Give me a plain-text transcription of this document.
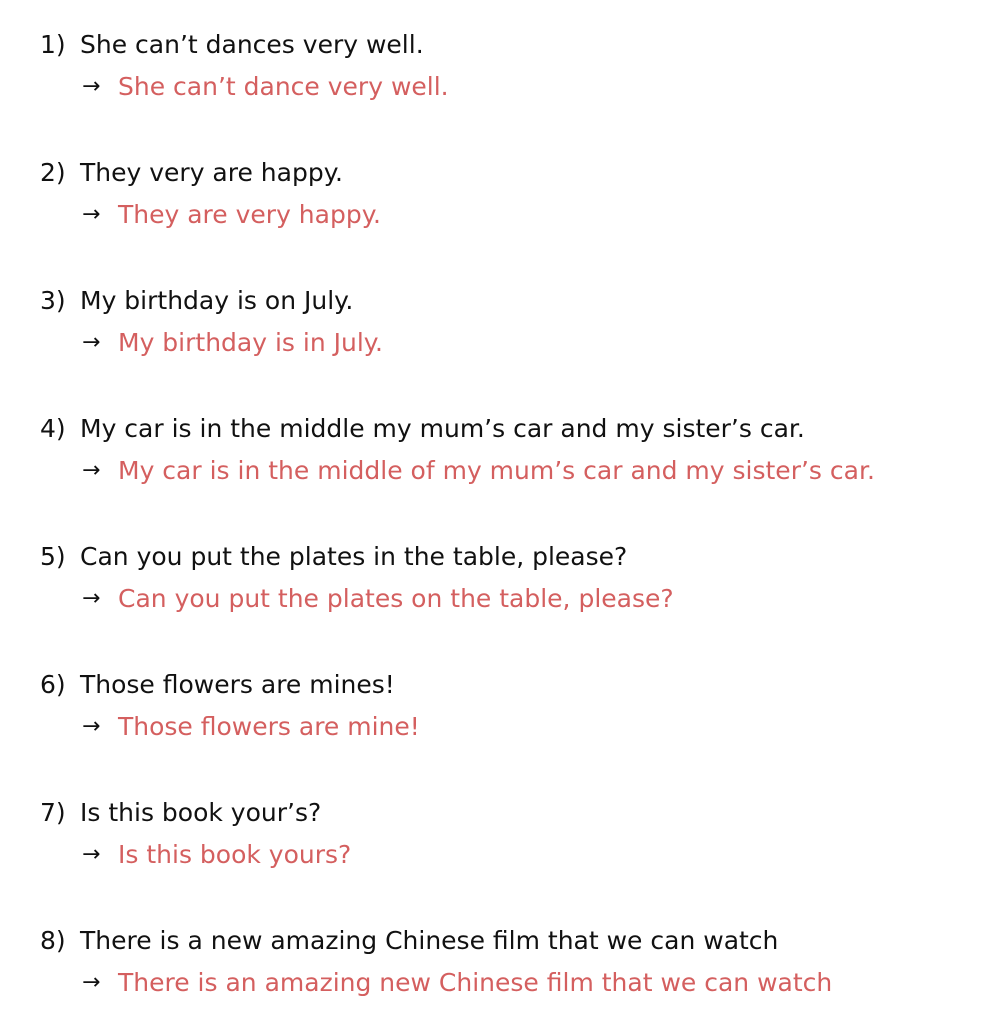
1) She can’t dances very well.
→ She can’t dance very well.
2) They very are happy.
→ They are very happy.
3) My birthday is on July.
→ My birthday is in July.
4) My car is in the middle my mum’s car and my sister’s car.
→ My car is in the middle of my mum’s car and my sister’s car.
5) Can you put the plates in the table, please?
→ Can you put the plates on the table, please?
6) Those flowers are mines!
→ Those flowers are mine!
7) Is this book your’s?
→ Is this book yours?
8) There is a new amazing Chinese film that we can watch
→ There is an amazing new Chinese film that we can watch
